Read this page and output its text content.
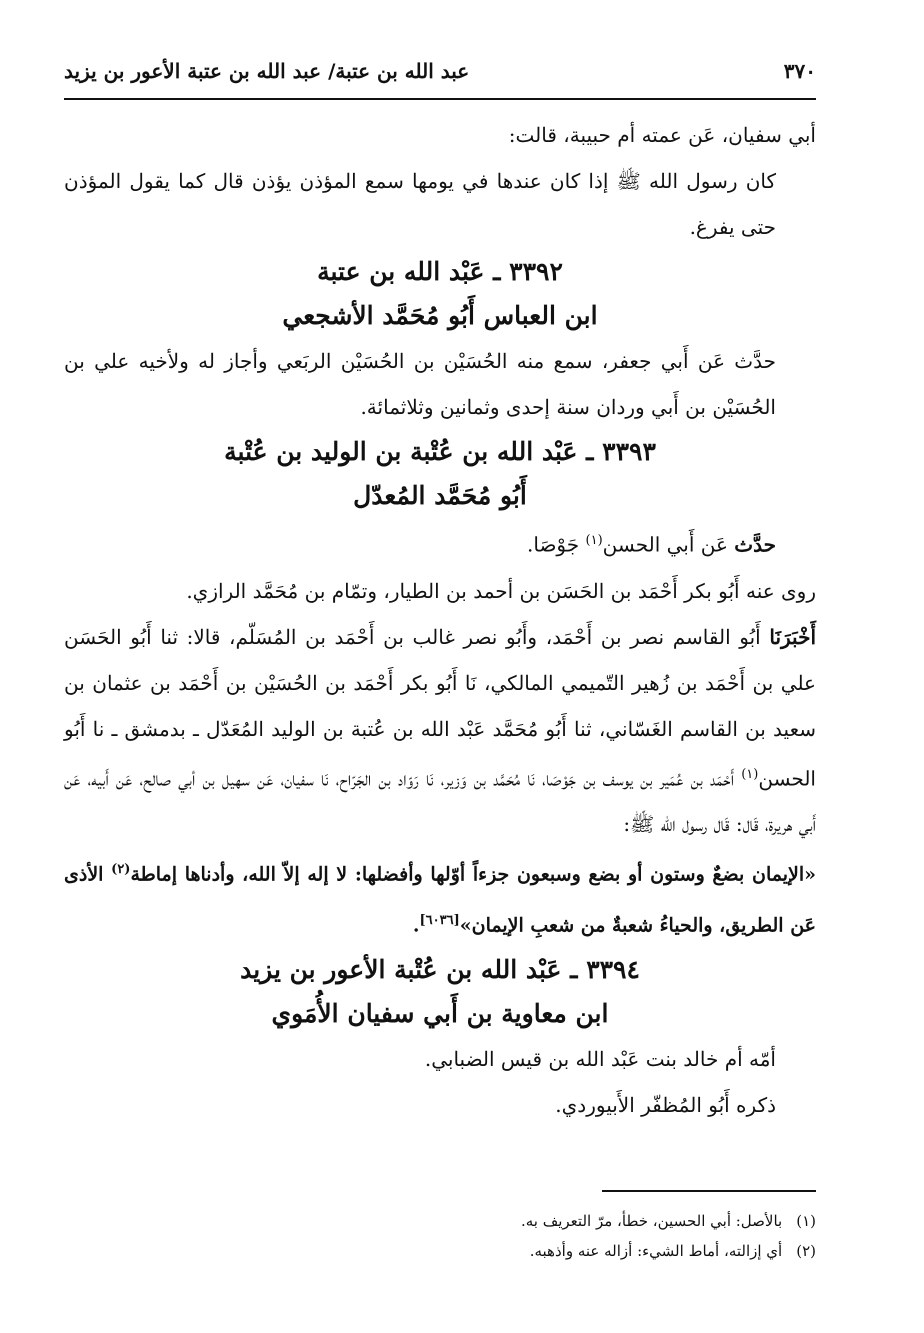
٣٧٠
عبد الله بن عتبة/ عبد الله بن عتبة الأعور بن يزيد

أبي سفيان، عَن عمته أم حبيبة، قالت:

كان رسول الله ﷺ إذا كان عندها في يومها سمع المؤذن يؤذن قال كما يقول المؤذن حتى يفرغ.

٣٣٩٢ ـ عَبْد الله بن عتبة

ابن العباس أَبُو مُحَمَّد الأشجعي

حدَّث عَن أَبي جعفر، سمع منه الحُسَيْن بن الحُسَيْن الربَعي وأجاز له ولأخيه علي بن الحُسَيْن بن أَبي وردان سنة إحدى وثمانين وثلاثمائة.

٣٣٩٣ ـ عَبْد الله بن عُتْبة بن الوليد بن عُتْبة

أَبُو مُحَمَّد المُعدّل

حدَّث عَن أَبي الحسن$^{(١)}$ جَوْصَا.

روى عنه أَبُو بكر أَحْمَد بن الحَسَن بن أحمد بن الطيار، وتمّام بن مُحَمَّد الرازي.

أَخْبَرَنَا أَبُو القاسم نصر بن أَحْمَد، وأَبُو نصر غالب بن أَحْمَد بن المُسَلّم، قالا: ثنا أَبُو الحَسَن علي بن أَحْمَد بن زُهير التّميمي المالكي، نَا أَبُو بكر أَحْمَد بن الحُسَيْن بن أَحْمَد بن عثمان بن سعيد بن القاسم الغَسّاني، ثنا أَبُو مُحَمَّد عَبْد الله بن عُتبة بن الوليد المُعَدّل ـ بدمشق ـ نا أَبُو الحسن$^{(١)}$ أَحْمَد بن عُمَير بن يوسف بن جَوْصَا، نَا مُحَمَّد بن وَزير، نَا رَوّاد بن الجَرّاح، نَا سفيان، عَن سهيل بن أبي صالح، عَن أَبيه، عَن أَبي هريرة، قَال: قَال رسول الله ﷺ:

«الإيمان بضعٌ وستون أو بضع وسبعون جزءاً أوّلها وأفضلها: لا إله إلاّ الله، وأدناها إماطة$^{(٢)}$ الأذى عَن الطريق، والحياءُ شعبةٌ من شعبِ الإيمان»[٦٠٣٦].

٣٣٩٤ ـ عَبْد الله بن عُتْبة الأعور بن يزيد

ابن معاوية بن أَبي سفيان الأُمَوي

أمّه أم خالد بنت عَبْد الله بن قيس الضبابي.

ذكره أَبُو المُظفّر الأَبيوردي.

(١)
بالأصل: أبي الحسين، خطأ، مرّ التعريف به.
(٢)
أي إزالته، أماط الشيء: أزاله عنه وأذهبه.
